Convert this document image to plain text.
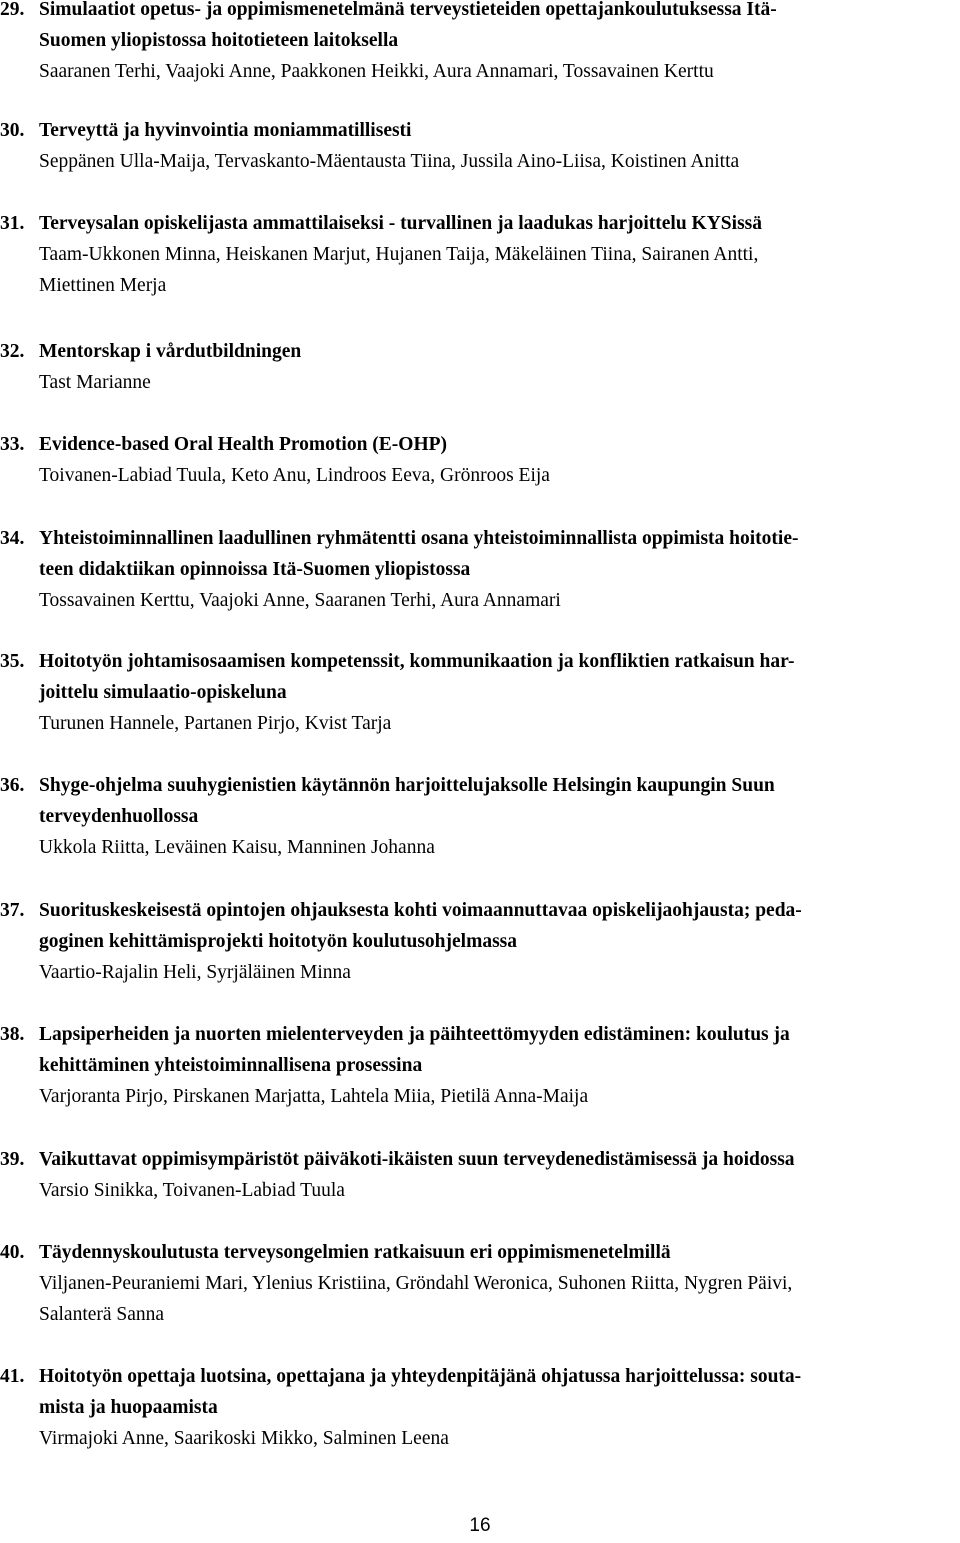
29. Simulaatiot opetus- ja oppimismenetelmänä terveystieteiden opettajankoulutuksessa Itä-
Suomen yliopistossa hoitotieteen laitoksella
Saaranen Terhi, Vaajoki Anne, Paakkonen Heikki, Aura Annamari, Tossavainen Kerttu
30. Terveyttä ja hyvinvointia moniammatillisesti
Seppänen Ulla-Maija, Tervaskanto-Mäentausta Tiina, Jussila Aino-Liisa, Koistinen Anitta
31. Terveysalan opiskelijasta ammattilaiseksi - turvallinen ja laadukas harjoittelu KYSissä
Taam-Ukkonen Minna, Heiskanen Marjut, Hujanen Taija, Mäkeläinen Tiina, Sairanen Antti,
Miettinen Merja
32. Mentorskap i vårdutbildningen
Tast Marianne
33. Evidence-based Oral Health Promotion (E-OHP)
Toivanen-Labiad Tuula, Keto Anu, Lindroos Eeva, Grönroos Eija
34. Yhteistoiminnallinen laadullinen ryhmätentti osana yhteistoiminnallista oppimista hoitotie-
teen didaktiikan opinnoissa Itä-Suomen yliopistossa
Tossavainen Kerttu, Vaajoki Anne, Saaranen Terhi, Aura Annamari
35. Hoitotyön johtamisosaamisen kompetenssit, kommunikaation ja konfliktien ratkaisun har-
joittelu simulaatio-opiskeluna
Turunen Hannele, Partanen Pirjo, Kvist Tarja
36. Shyge-ohjelma suuhygienistien käytännön harjoittelujaksolle Helsingin kaupungin Suun
terveydenhuollossa
Ukkola Riitta, Leväinen Kaisu, Manninen Johanna
37. Suorituskeskeisestä opintojen ohjauksesta kohti voimaannuttavaa opiskelijaohjausta; peda-
goginen kehittämisprojekti hoitotyön koulutusohjelmassa
Vaartio-Rajalin Heli, Syrjäläinen Minna
38. Lapsiperheiden ja nuorten mielenterveyden ja päihteettömyyden edistäminen: koulutus ja
kehittäminen yhteistoiminnallisena prosessina
Varjoranta Pirjo, Pirskanen Marjatta, Lahtela Miia, Pietilä Anna-Maija
39. Vaikuttavat oppimisympäristöt päiväkoti-ikäisten suun terveydenedistämisessä ja hoidossa
Varsio Sinikka, Toivanen-Labiad Tuula
40. Täydennyskoulutusta terveysongelmien ratkaisuun eri oppimismenetelmillä
Viljanen-Peuraniemi Mari, Ylenius Kristiina, Gröndahl Weronica, Suhonen Riitta, Nygren Päivi,
Salanterä Sanna
41. Hoitotyön opettaja luotsina, opettajana ja yhteydenpitäjänä ohjatussa harjoittelussa: souta-
mista ja huopaamista
Virmajoki Anne, Saarikoski Mikko, Salminen Leena
16
